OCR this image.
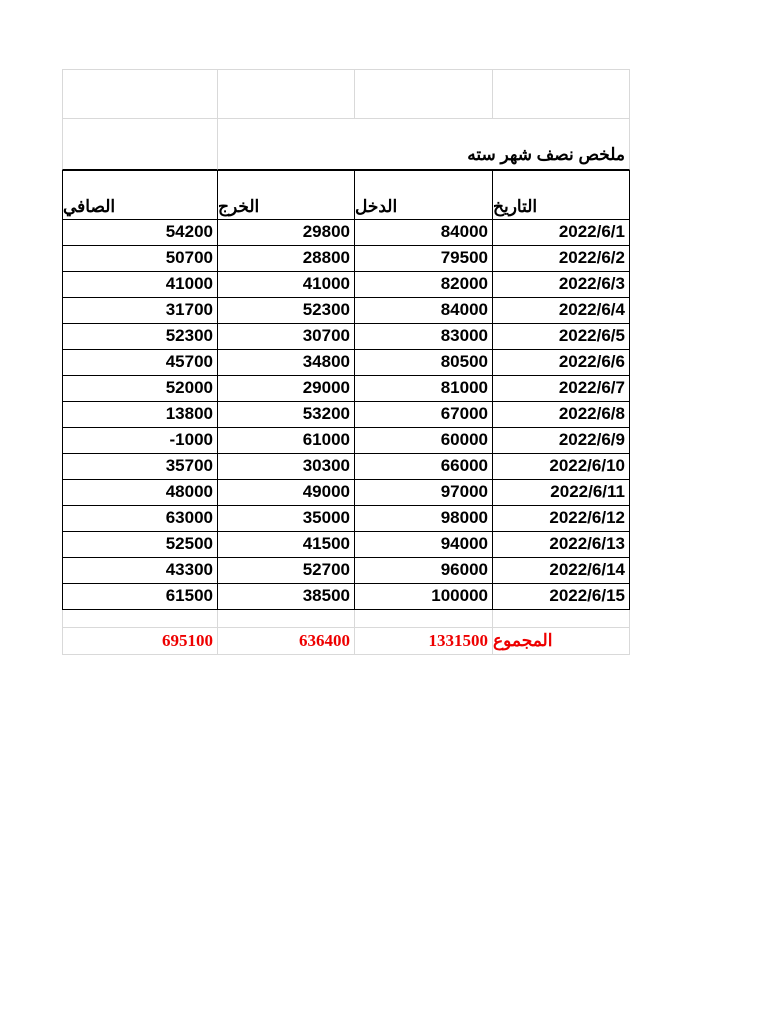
ملخص نصف شهر سته
الصافي	الخرج	الدخل	التاريخ
54200	29800	84000	2022/6/1
50700	28800	79500	2022/6/2
41000	41000	82000	2022/6/3
31700	52300	84000	2022/6/4
52300	30700	83000	2022/6/5
45700	34800	80500	2022/6/6
52000	29000	81000	2022/6/7
13800	53200	67000	2022/6/8
-1000	61000	60000	2022/6/9
35700	30300	66000	2022/6/10
48000	49000	97000	2022/6/11
63000	35000	98000	2022/6/12
52500	41500	94000	2022/6/13
43300	52700	96000	2022/6/14
61500	38500	100000	2022/6/15
695100	636400	1331500 المجموع
